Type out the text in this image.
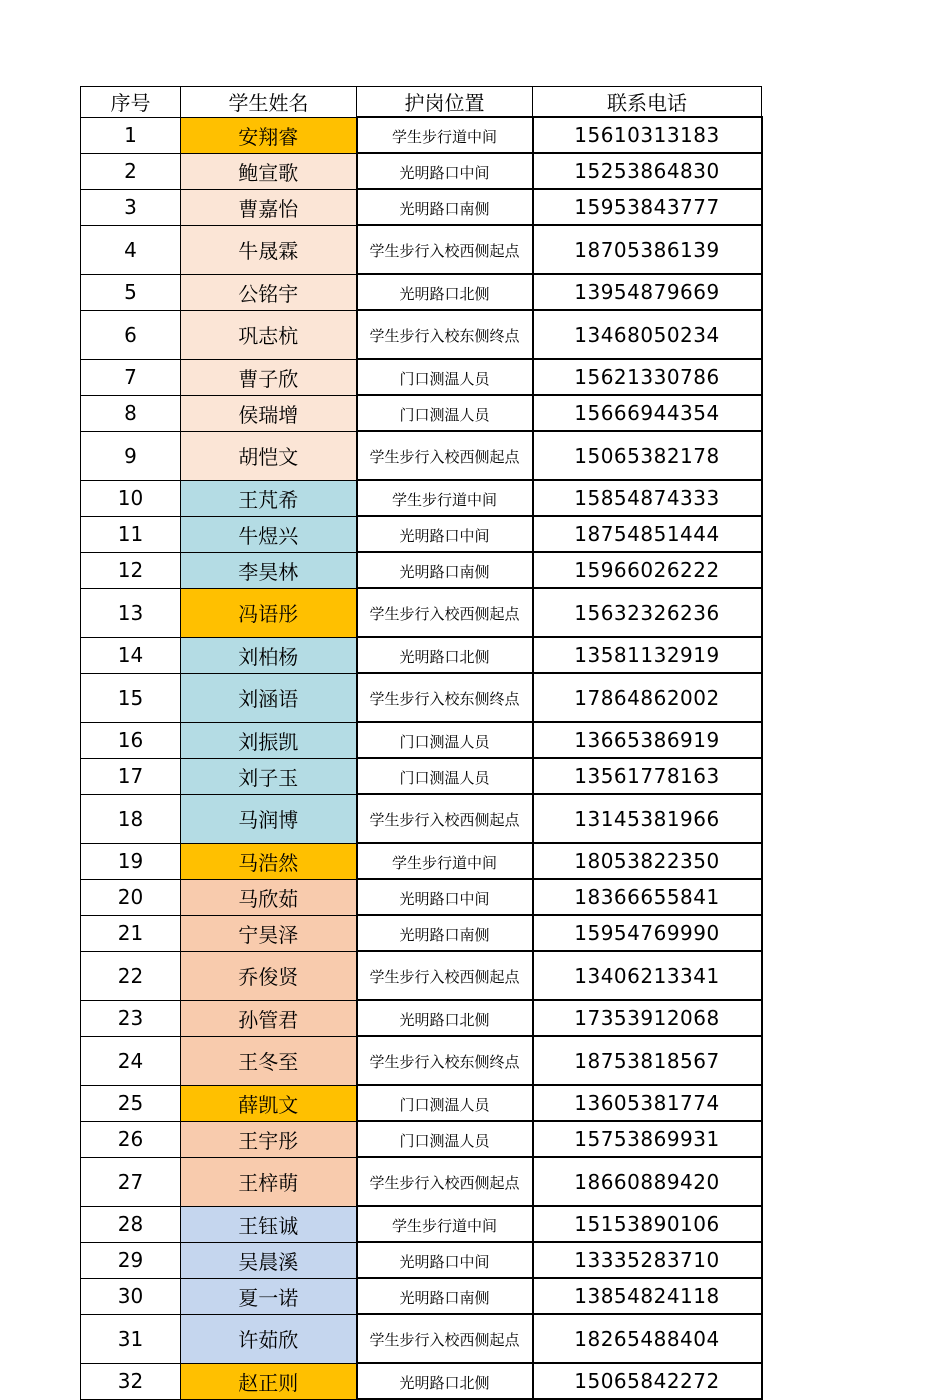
序号	学生姓名	护岗位置	联系电话
1	安翔睿	学生步行道中间	15610313183
2	鲍宣歌	光明路口中间	15253864830
3	曹嘉怡	光明路口南侧	15953843777
4	牛晟霖	学生步行入校西侧起点	18705386139
5	公铭宇	光明路口北侧	13954879669
6	巩志杭	学生步行入校东侧终点	13468050234
7	曹子欣	门口测温人员	15621330786
8	侯瑞增	门口测温人员	15666944354
9	胡恺文	学生步行入校西侧起点	15065382178
10	王芃希	学生步行道中间	15854874333
11	牛煜兴	光明路口中间	18754851444
12	李昊林	光明路口南侧	15966026222
13	冯语彤	学生步行入校西侧起点	15632326236
14	刘柏杨	光明路口北侧	13581132919
15	刘涵语	学生步行入校东侧终点	17864862002
16	刘振凯	门口测温人员	13665386919
17	刘子玉	门口测温人员	13561778163
18	马润博	学生步行入校西侧起点	13145381966
19	马浩然	学生步行道中间	18053822350
20	马欣茹	光明路口中间	18366655841
21	宁昊泽	光明路口南侧	15954769990
22	乔俊贤	学生步行入校西侧起点	13406213341
23	孙管君	光明路口北侧	17353912068
24	王冬至	学生步行入校东侧终点	18753818567
25	薛凯文	门口测温人员	13605381774
26	王宇彤	门口测温人员	15753869931
27	王梓萌	学生步行入校西侧起点	18660889420
28	王钰诚	学生步行道中间	15153890106
29	吴晨溪	光明路口中间	13335283710
30	夏一诺	光明路口南侧	13854824118
31	许茹欣	学生步行入校西侧起点	18265488404
32	赵正则	光明路口北侧	15065842272
